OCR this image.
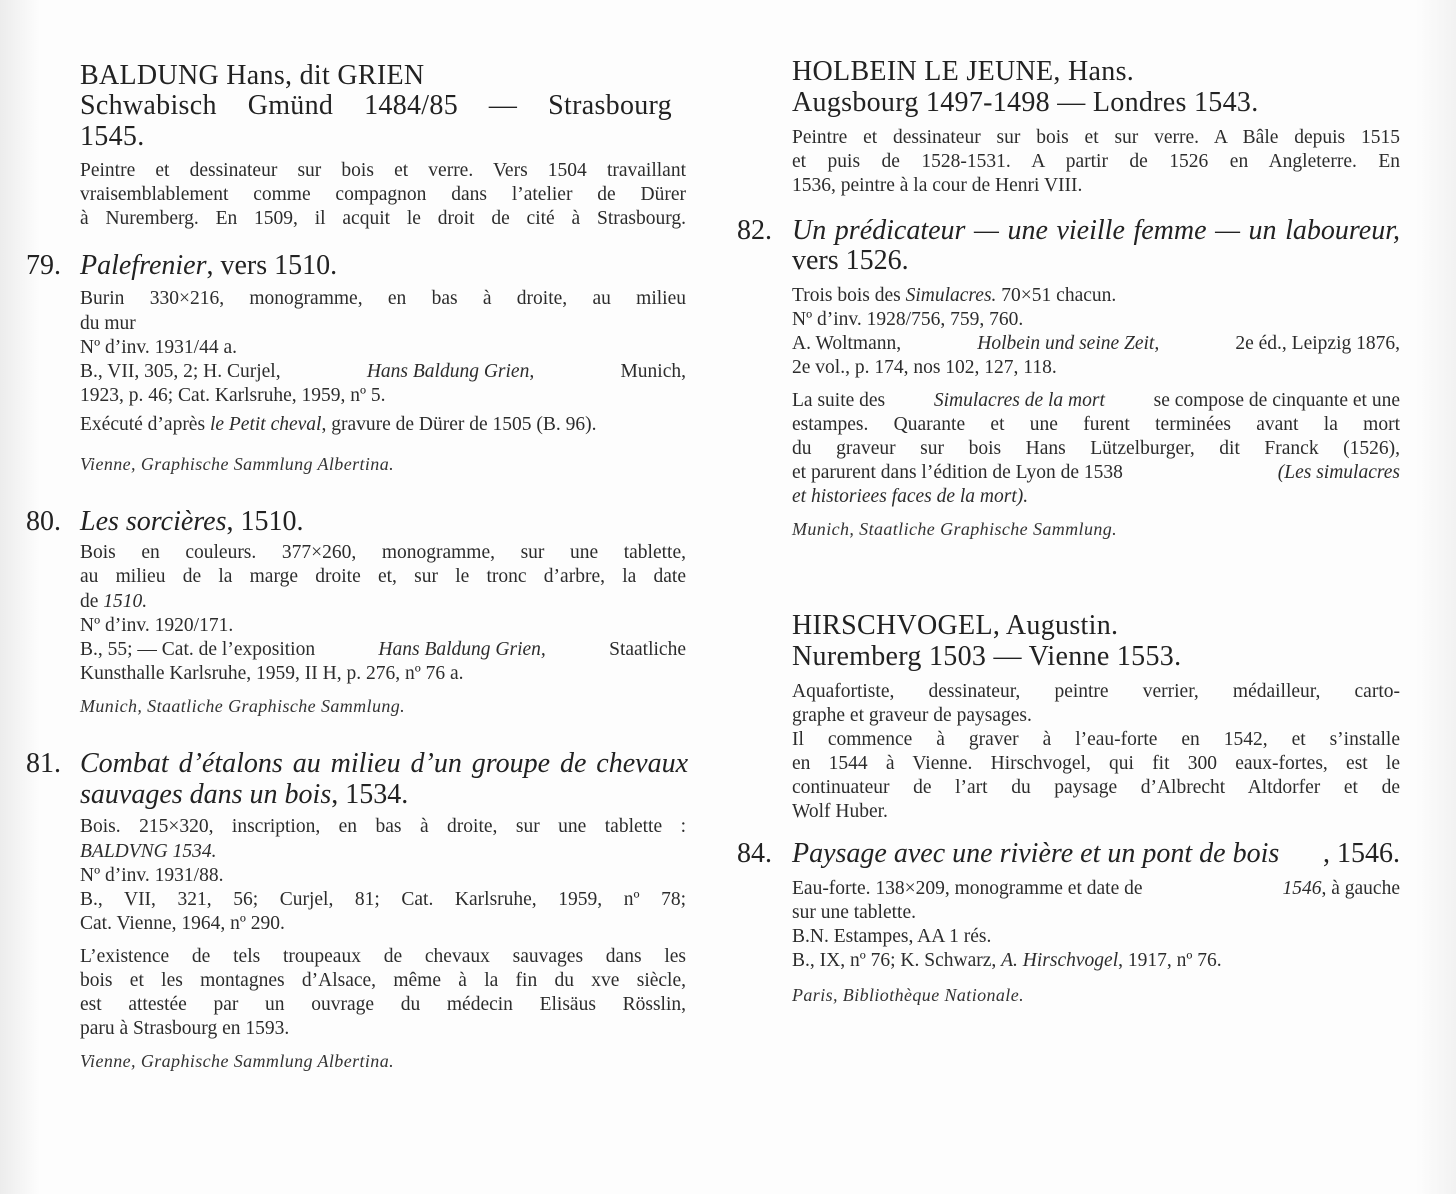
BALDUNG Hans, dit GRIEN
Schwabisch Gmünd 1484/85 — Strasbourg
1545.
Peintre et dessinateur sur bois et verre. Vers 1504 travaillant
vraisemblablement comme compagnon dans l’atelier de Dürer
à Nuremberg. En 1509, il acquit le droit de cité à Strasbourg.
79. Palefrenier, vers 1510.
Burin 330×216, monogramme, en bas à droite, au milieu
du mur
Nº d’inv. 1931/44 a.
B., VII, 305, 2; H. Curjel,	Hans Baldung Grien,	Munich,
1923, p. 46; Cat. Karlsruhe, 1959, nº 5.
Exécuté d’après le Petit cheval, gravure de Dürer de 1505 (B. 96).
Vienne, Graphische Sammlung Albertina.
80. Les sorcières, 1510.
Bois en couleurs. 377×260, monogramme, sur une tablette,
au milieu de la marge droite et, sur le tronc d’arbre, la date
de 1510.
Nº d’inv. 1920/171.
B., 55; — Cat. de l’exposition	Hans Baldung Grien,	Staatliche
Kunsthalle Karlsruhe, 1959, II H, p. 276, nº 76 a.
Munich, Staatliche Graphische Sammlung.
81. Combat d’étalons au milieu d’un groupe de chevaux
sauvages dans un bois, 1534.
Bois. 215×320, inscription, en bas à droite, sur une tablette :
BALDVNG 1534.
Nº d’inv. 1931/88.
B., VII, 321, 56; Curjel, 81; Cat. Karlsruhe, 1959, nº 78;
Cat. Vienne, 1964, nº 290.
L’existence de tels troupeaux de chevaux sauvages dans les
bois et les montagnes d’Alsace, même à la fin du xve siècle,
est attestée par un ouvrage du médecin Elisäus Rösslin,
paru à Strasbourg en 1593.
Vienne, Graphische Sammlung Albertina.
HOLBEIN LE JEUNE, Hans.
Augsbourg 1497-1498 — Londres 1543.
Peintre et dessinateur sur bois et sur verre. A Bâle depuis 1515
et puis de 1528-1531. A partir de 1526 en Angleterre. En
1536, peintre à la cour de Henri VIII.
82. Un prédicateur — une vieille femme — un laboureur,
vers 1526.
Trois bois des Simulacres. 70×51 chacun.
Nº d’inv. 1928/756, 759, 760.
A. Woltmann,	Holbein und seine Zeit,	2e éd., Leipzig 1876,
2e vol., p. 174, nos 102, 127, 118.
La suite des	Simulacres de la mort	se compose de cinquante et une
estampes. Quarante et une furent terminées avant la mort
du graveur sur bois Hans Lützelburger, dit Franck (1526),
et parurent dans l’édition de Lyon de 1538	(Les simulacres
et historiees faces de la mort).
Munich, Staatliche Graphische Sammlung.
HIRSCHVOGEL, Augustin.
Nuremberg 1503 — Vienne 1553.
Aquafortiste, dessinateur, peintre verrier, médailleur, carto-
graphe et graveur de paysages.
Il commence à graver à l’eau-forte en 1542, et s’installe
en 1544 à Vienne. Hirschvogel, qui fit 300 eaux-fortes, est le
continuateur de l’art du paysage d’Albrecht Altdorfer et de
Wolf Huber.
84. Paysage avec une rivière et un pont de bois , 1546.
Eau-forte. 138×209, monogramme et date de	1546, à gauche
sur une tablette.
B.N. Estampes, AA 1 rés.
B., IX, nº 76; K. Schwarz, A. Hirschvogel, 1917, nº 76.
Paris, Bibliothèque Nationale.
